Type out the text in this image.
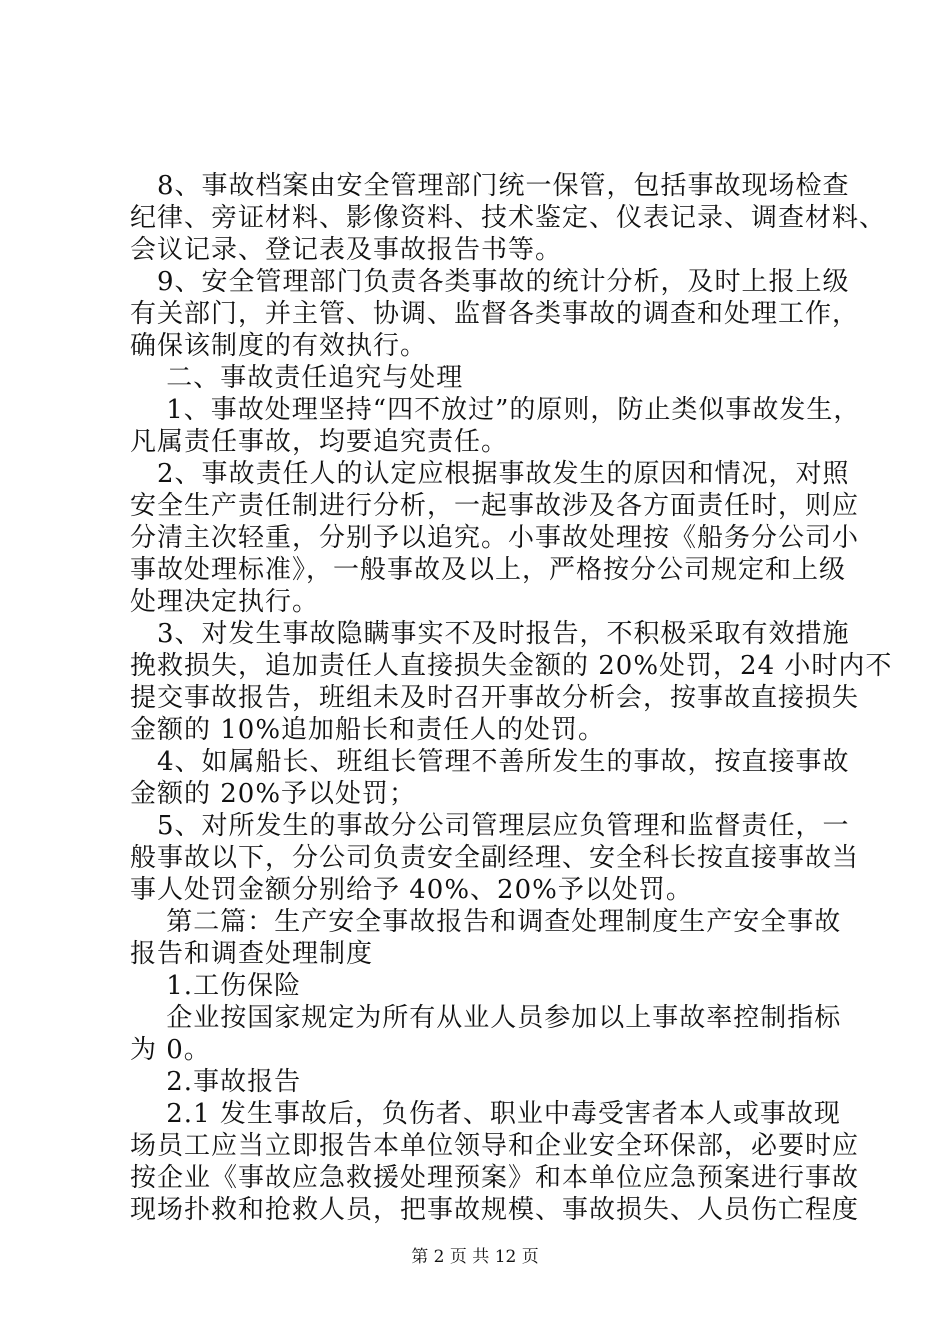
　8、事故档案由安全管理部门统一保管，包括事故现场检查
纪律、旁证材料、影像资料、技术鉴定、仪表记录、调查材料、
会议记录、登记表及事故报告书等。

　9、安全管理部门负责各类事故的统计分析，及时上报上级
有关部门，并主管、协调、监督各类事故的调查和处理工作，
确保该制度的有效执行。

　 二、事故责任追究与处理

　 1、事故处理坚持“四不放过”的原则，防止类似事故发生，
凡属责任事故，均要追究责任。

　2、事故责任人的认定应根据事故发生的原因和情况，对照
安全生产责任制进行分析，一起事故涉及各方面责任时，则应
分清主次轻重，分别予以追究。小事故处理按《船务分公司小
事故处理标准》，一般事故及以上，严格按分公司规定和上级
处理决定执行。

　3、对发生事故隐瞒事实不及时报告，不积极采取有效措施
挽救损失，追加责任人直接损失金额的 20%处罚，24 小时内不
提交事故报告，班组未及时召开事故分析会，按事故直接损失
金额的 10%追加船长和责任人的处罚。

　4、如属船长、班组长管理不善所发生的事故，按直接事故
金额的 20%予以处罚；

　5、对所发生的事故分公司管理层应负管理和监督责任，一
般事故以下，分公司负责安全副经理、安全科长按直接事故当
事人处罚金额分别给予 40%、20%予以处罚。

　 第二篇：生产安全事故报告和调查处理制度生产安全事故
报告和调查处理制度

　 1.工伤保险

　 企业按国家规定为所有从业人员参加以上事故率控制指标
为 0。

　 2.事故报告

　 2.1 发生事故后，负伤者、职业中毒受害者本人或事故现
场员工应当立即报告本单位领导和企业安全环保部，必要时应
按企业《事故应急救援处理预案》和本单位应急预案进行事故
现场扑救和抢救人员，把事故规模、事故损失、人员伤亡程度

第 2 页 共 12 页
